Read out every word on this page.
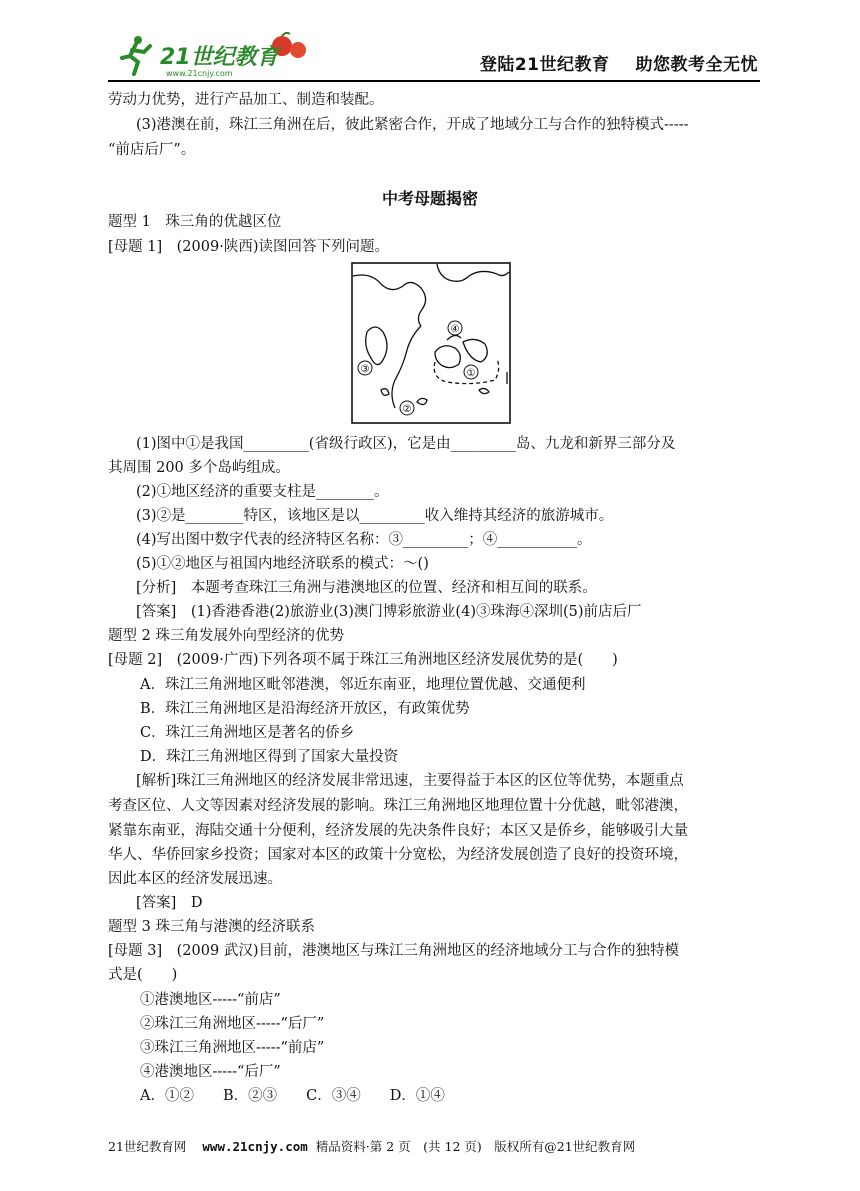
21世纪教育
www.21cnjy.com	登陆21世纪教育 助您教考全无忧
劳动力优势，进行产品加工、制造和装配。
(3)港澳在前，珠江三角洲在后，彼此紧密合作，开成了地域分工与合作的独特模式-----
“前店后厂”。
中考母题揭密
题型 1　珠三角的优越区位
[母题 1]　(2009·陕西)读图回答下列问题。
④
③	①
②
(1)图中①是我国_________(省级行政区)，它是由_________岛、九龙和新界三部分及
其周围 200 多个岛屿组成。
(2)①地区经济的重要支柱是________。
(3)②是________特区，该地区是以_________收入维持其经济的旅游城市。
(4)写出图中数字代表的经济特区名称：③_________；④___________。
(5)①②地区与祖国内地经济联系的模式：～()
[分析]　本题考查珠江三角洲与港澳地区的位置、经济和相互间的联系。
[答案]　(1)香港香港(2)旅游业(3)澳门博彩旅游业(4)③珠海④深圳(5)前店后厂
题型 2 珠三角发展外向型经济的优势
[母题 2]　(2009·广西)下列各项不属于珠江三角洲地区经济发展优势的是(　　)
A．珠江三角洲地区毗邻港澳，邻近东南亚，地理位置优越、交通便利
B．珠江三角洲地区是沿海经济开放区，有政策优势
C．珠江三角洲地区是著名的侨乡
D．珠江三角洲地区得到了国家大量投资
[解析]珠江三角洲地区的经济发展非常迅速，主要得益于本区的区位等优势，本题重点
考查区位、人文等因素对经济发展的影响。珠江三角洲地区地理位置十分优越，毗邻港澳，
紧靠东南亚，海陆交通十分便利，经济发展的先决条件良好；本区又是侨乡，能够吸引大量
华人、华侨回家乡投资；国家对本区的政策十分宽松，为经济发展创造了良好的投资环境，
因此本区的经济发展迅速。
[答案]　D
题型 3 珠三角与港澳的经济联系
[母题 3]　(2009 武汉)目前，港澳地区与珠江三角洲地区的经济地域分工与合作的独特模
式是(　　)
①港澳地区-----“前店”
②珠江三角洲地区-----“后厂”
③珠江三角洲地区-----“前店”
④港澳地区-----“后厂”
A．①②　　B．②③　　C．③④　　D．①④
21世纪教育网 www.21cnjy.com 精品资料·第 2 页　(共 12 页)　版权所有@21世纪教育网
